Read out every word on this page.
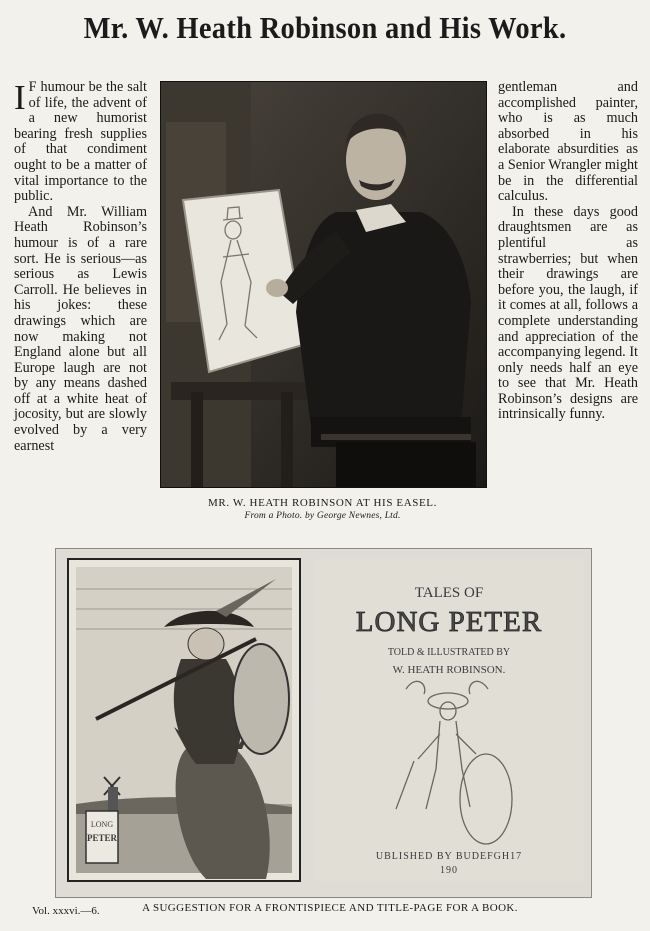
Mr. W. Heath Robinson and His Work.

I F humour be the salt of life, the advent of a new humorist bearing fresh supplies of that condiment ought to be a matter of vital importance to the public.

And Mr. William Heath Robinson’s humour is of a rare sort. He is serious—as serious as Lewis Carroll. He believes in his jokes: these drawings which are now making not England alone but all Europe laugh are not by any means dashed off at a white heat of jocosity, but are slowly evolved by a very earnest

MR. W. HEATH ROBINSON AT HIS EASEL.
From a Photo. by George Newnes, Ltd.

gentleman and accomplished painter, who is as much absorbed in his elaborate absurdities as a Senior Wrangler might be in the differential calculus.

In these days good draughtsmen are as plentiful as strawberries; but when their drawings are before you, the laugh, if it comes at all, follows a complete understanding and appreciation of the accompanying legend. It only needs half an eye to see that Mr. Heath Robinson’s designs are intrinsically funny.

LONG
PETER
TALES OF
LONG PETER
TOLD & ILLUSTRATED BY
W. HEATH ROBINSON.
UBLISHED BY BUDEFGH17
190
Vol. xxxvi.—6.	A SUGGESTION FOR A FRONTISPIECE AND TITLE-PAGE FOR A BOOK.
